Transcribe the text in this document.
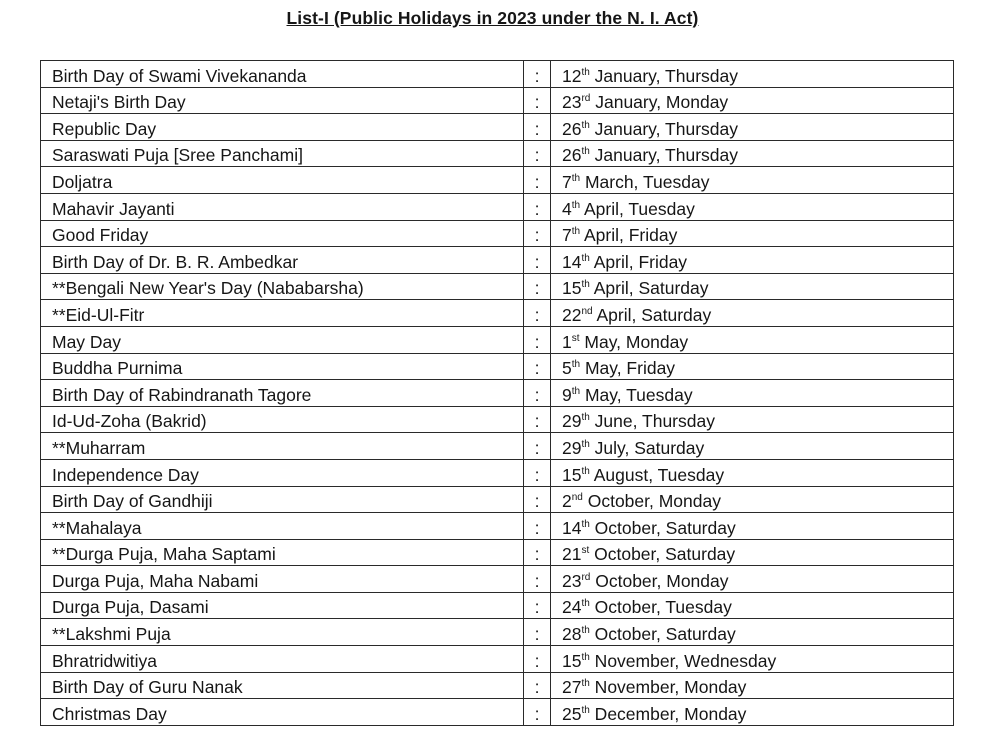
List-I (Public Holidays in 2023 under the N. I. Act)
Birth Day of Swami Vivekananda	:	12th January, Thursday
Netaji's Birth Day	:	23rd January, Monday
Republic Day	:	26th January, Thursday
Saraswati Puja [Sree Panchami]	:	26th January, Thursday
Doljatra	:	7th March, Tuesday
Mahavir Jayanti	:	4th April, Tuesday
Good Friday	:	7th April, Friday
Birth Day of Dr. B. R. Ambedkar	:	14th April, Friday
**Bengali New Year's Day (Nababarsha)	:	15th April, Saturday
**Eid-Ul-Fitr	:	22nd April, Saturday
May Day	:	1st May, Monday
Buddha Purnima	:	5th May, Friday
Birth Day of Rabindranath Tagore	:	9th May, Tuesday
Id-Ud-Zoha (Bakrid)	:	29th June, Thursday
**Muharram	:	29th July, Saturday
Independence Day	:	15th August, Tuesday
Birth Day of Gandhiji	:	2nd October, Monday
**Mahalaya	:	14th October, Saturday
**Durga Puja, Maha Saptami	:	21st October, Saturday
Durga Puja, Maha Nabami	:	23rd October, Monday
Durga Puja, Dasami	:	24th October, Tuesday
**Lakshmi Puja	:	28th October, Saturday
Bhratridwitiya	:	15th November, Wednesday
Birth Day of Guru Nanak	:	27th November, Monday
Christmas Day	:	25th December, Monday
